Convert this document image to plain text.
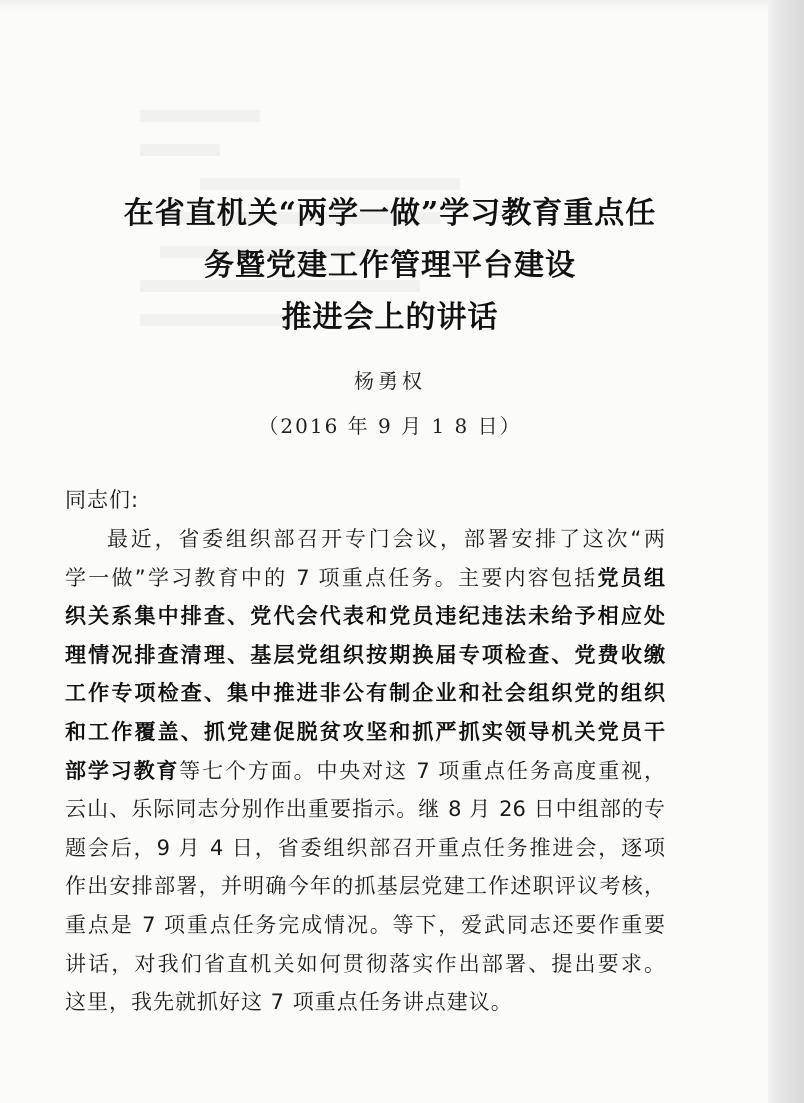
在省直机关“两学一做”学习教育重点任
务暨党建工作管理平台建设
推进会上的讲话
杨勇权
（2016 年 9 月 1 8 日）
同志们:
最近，省委组织部召开专门会议，部署安排了这次“两
学一做”学习教育中的 7 项重点任务。主要内容包括党员组
织关系集中排查、党代会代表和党员违纪违法未给予相应处
理情况排查清理、基层党组织按期换届专项检查、党费收缴
工作专项检查、集中推进非公有制企业和社会组织党的组织
和工作覆盖、抓党建促脱贫攻坚和抓严抓实领导机关党员干
部学习教育等七个方面。中央对这 7 项重点任务高度重视，
云山、乐际同志分别作出重要指示。继 8 月 26 日中组部的专
题会后，9 月 4 日，省委组织部召开重点任务推进会，逐项
作出安排部署，并明确今年的抓基层党建工作述职评议考核，
重点是 7 项重点任务完成情况。等下，爱武同志还要作重要
讲话，对我们省直机关如何贯彻落实作出部署、提出要求。
这里，我先就抓好这 7 项重点任务讲点建议。
